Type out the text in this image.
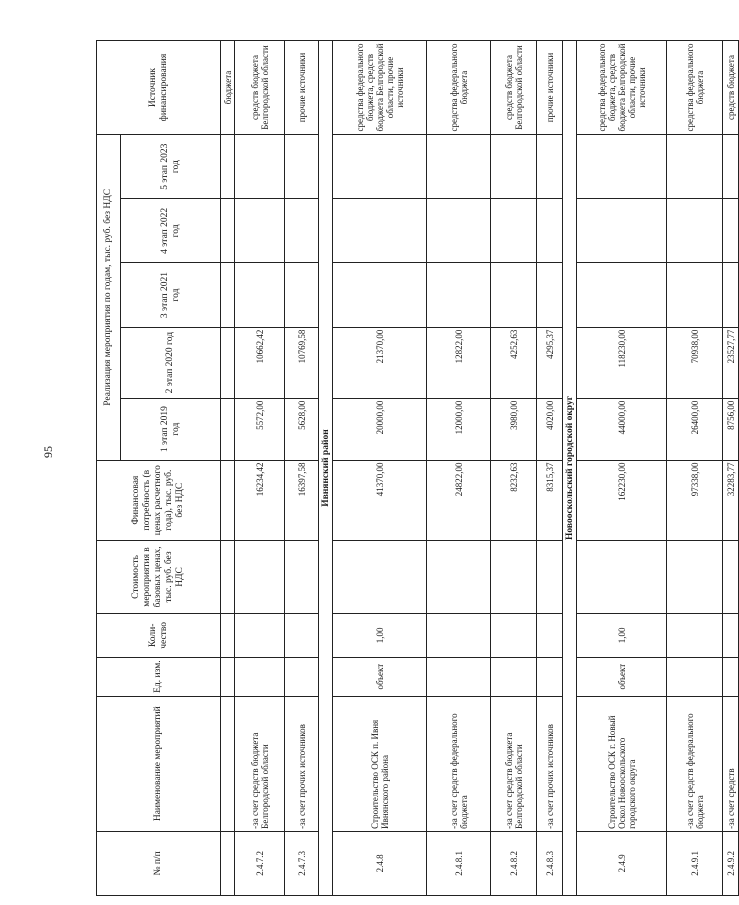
95
№ п/п	Наименование мероприятий	Ед. изм.	Коли-чество	Стоимость мероприятия в базовых ценах, тыс. руб. без НДС	Финансовая потребность (в ценах расчетного года), тыс. руб. без НДС	Реализация мероприятия по годам, тыс. руб. без НДС					Источник финансирования
						1 этап 2019 год	2 этап 2020 год	3 этап 2021 год	4 этап 2022 год	5 этап 2023 год	
											бюджета
2.4.7.2	-за счет средств бюджета Белгородской области				16234,42	5572,00	10662,42				средств бюджета Белгородской области
2.4.7.3	-за счет прочих источников				16397,58	5628,00	10769,58				прочие источники
Ивнянский район											
2.4.8	Строительство ОСК п. Ивня Ивнянского района	объект	1,00		41370,00	20000,00	21370,00				средства федерального бюджета, средств бюджета Белгородской области, прочие источники
2.4.8.1	-за счет средств федерального бюджета				24822,00	12000,00	12822,00				средства федерального бюджета
2.4.8.2	-за счет средств бюджета Белгородской области				8232,63	3980,00	4252,63				средств бюджета Белгородской области
2.4.8.3	-за счет прочих источников				8315,37	4020,00	4295,37				прочие источники
Новооскольский городской округ											
2.4.9	Строительство ОСК г. Новый Оскол Новооскольского городского округа	объект	1,00		162230,00	44000,00	118230,00				средства федерального бюджета, средств бюджета Белгородской области, прочие источники
2.4.9.1	-за счет средств федерального бюджета				97338,00	26400,00	70938,00				средства федерального бюджета
2.4.9.2	-за счет средств				32283,77	8756,00	23527,77				средств бюджета
